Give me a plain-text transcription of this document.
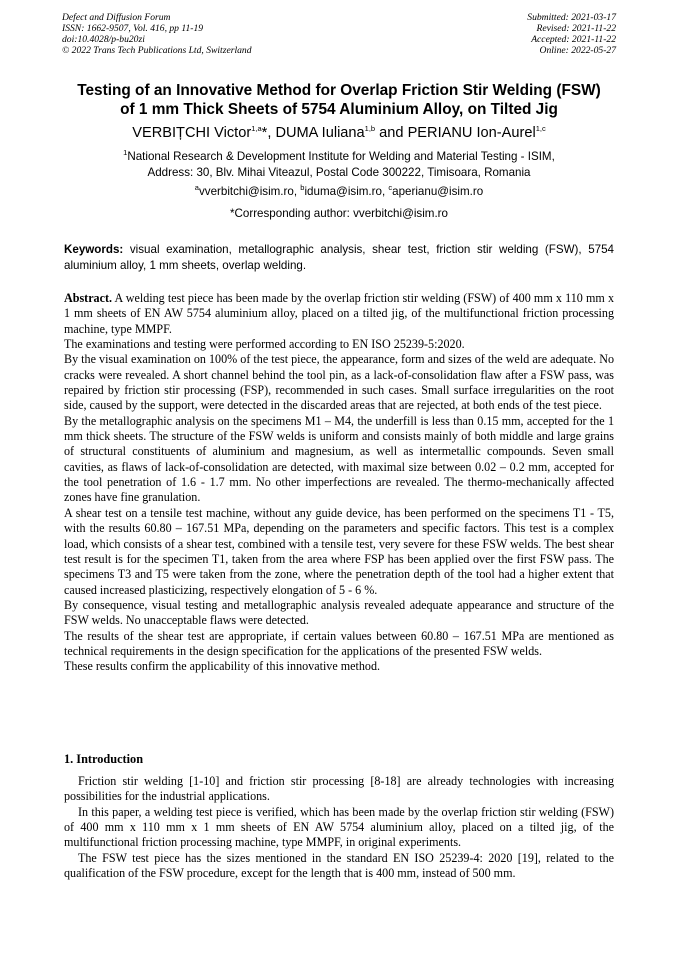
Defect and Diffusion Forum
ISSN: 1662-9507, Vol. 416, pp 11-19
doi:10.4028/p-bu20zi
© 2022 Trans Tech Publications Ltd, Switzerland
Submitted: 2021-03-17
Revised: 2021-11-22
Accepted: 2021-11-22
Online: 2022-05-27
Testing of an Innovative Method for Overlap Friction Stir Welding (FSW)
of 1 mm Thick Sheets of 5754 Aluminium Alloy, on Tilted Jig
VERBIȚCHI Victor$^{1,a}$*, DUMA Iuliana$^{1,b}$ and PERIANU Ion-Aurel$^{1,c}$
$^1$National Research & Development Institute for Welding and Material Testing - ISIM,
Address: 30, Blv. Mihai Viteazul, Postal Code 300222, Timisoara, Romania
$^a$vverbitchi@isim.ro, $^b$iduma@isim.ro, $^c$aperianu@isim.ro
*Corresponding author: vverbitchi@isim.ro
Keywords: visual examination, metallographic analysis, shear test, friction stir welding (FSW), 5754 aluminium alloy, 1 mm sheets, overlap welding.

Abstract. A welding test piece has been made by the overlap friction stir welding (FSW) of 400 mm x 110 mm x 1 mm sheets of EN AW 5754 aluminium alloy, placed on a tilted jig, of the multifunctional friction processing machine, type MMPF.

The examinations and testing were performed according to EN ISO 25239-5:2020.

By the visual examination on 100% of the test piece, the appearance, form and sizes of the weld are adequate. No cracks were revealed. A short channel behind the tool pin, as a lack-of-consolidation flaw after a FSW pass, was repaired by friction stir processing (FSP), recommended in such cases. Small surface irregularities on the root side, caused by the support, were detected in the discarded areas that are rejected, at both ends of the test piece.

By the metallographic analysis on the specimens M1 – M4, the underfill is less than 0.15 mm, accepted for the 1 mm thick sheets. The structure of the FSW welds is uniform and consists mainly of both middle and large grains of structural constituents of aluminium and magnesium, as well as intermetallic compounds. Seven small cavities, as flaws of lack-of-consolidation are detected, with maximal size between 0.02 – 0.2 mm, accepted for the tool penetration of 1.6 - 1.7 mm. No other imperfections are revealed. The thermo-mechanically affected zones have fine granulation.

A shear test on a tensile test machine, without any guide device, has been performed on the specimens T1 - T5, with the results 60.80 – 167.51 MPa, depending on the parameters and specific factors. This test is a complex load, which consists of a shear test, combined with a tensile test, very severe for these FSW welds. The best shear test result is for the specimen T1, taken from the area where FSP has been applied over the first FSW pass. The specimens T3 and T5 were taken from the zone, where the penetration depth of the tool had a higher extent that caused increased plasticizing, respectively elongation of 5 - 6 %.

By consequence, visual testing and metallographic analysis revealed adequate appearance and structure of the FSW welds. No unacceptable flaws were detected.

The results of the shear test are appropriate, if certain values between 60.80 – 167.51 MPa are mentioned as technical requirements in the design specification for the applications of the presented FSW welds.

These results confirm the applicability of this innovative method.

1. Introduction

Friction stir welding [1-10] and friction stir processing [8-18] are already technologies with increasing possibilities for the industrial applications.

In this paper, a welding test piece is verified, which has been made by the overlap friction stir welding (FSW) of 400 mm x 110 mm x 1 mm sheets of EN AW 5754 aluminium alloy, placed on a tilted jig, of the multifunctional friction processing machine, type MMPF, in original experiments.

The FSW test piece has the sizes mentioned in the standard EN ISO 25239-4: 2020 [19], related to the qualification of the FSW procedure, except for the length that is 400 mm, instead of 500 mm.
